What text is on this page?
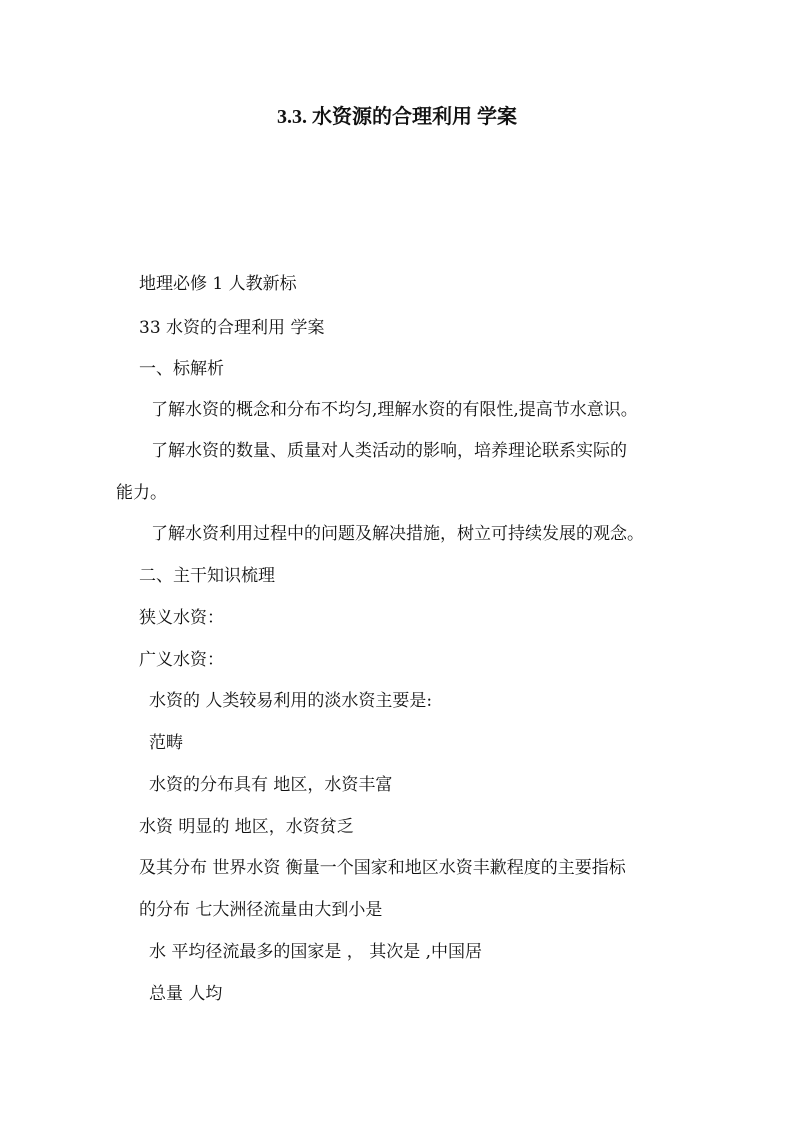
3.3. 水资源的合理利用 学案
地理必修 1 人教新标
33 水资的合理利用 学案
一、标解析
了解水资的概念和分布不均匀,理解水资的有限性,提高节水意识。
了解水资的数量、质量对人类活动的影响，培养理论联系实际的
能力。
了解水资利用过程中的问题及解决措施，树立可持续发展的观念。
二、主干知识梳理
狭义水资：
广义水资：
水资的 人类较易利用的淡水资主要是:
范畴
水资的分布具有 地区，水资丰富
水资 明显的 地区，水资贫乏
及其分布 世界水资 衡量一个国家和地区水资丰歉程度的主要指标
的分布 七大洲径流量由大到小是
水 平均径流最多的国家是 ， 其次是 ,中国居
总量 人均
